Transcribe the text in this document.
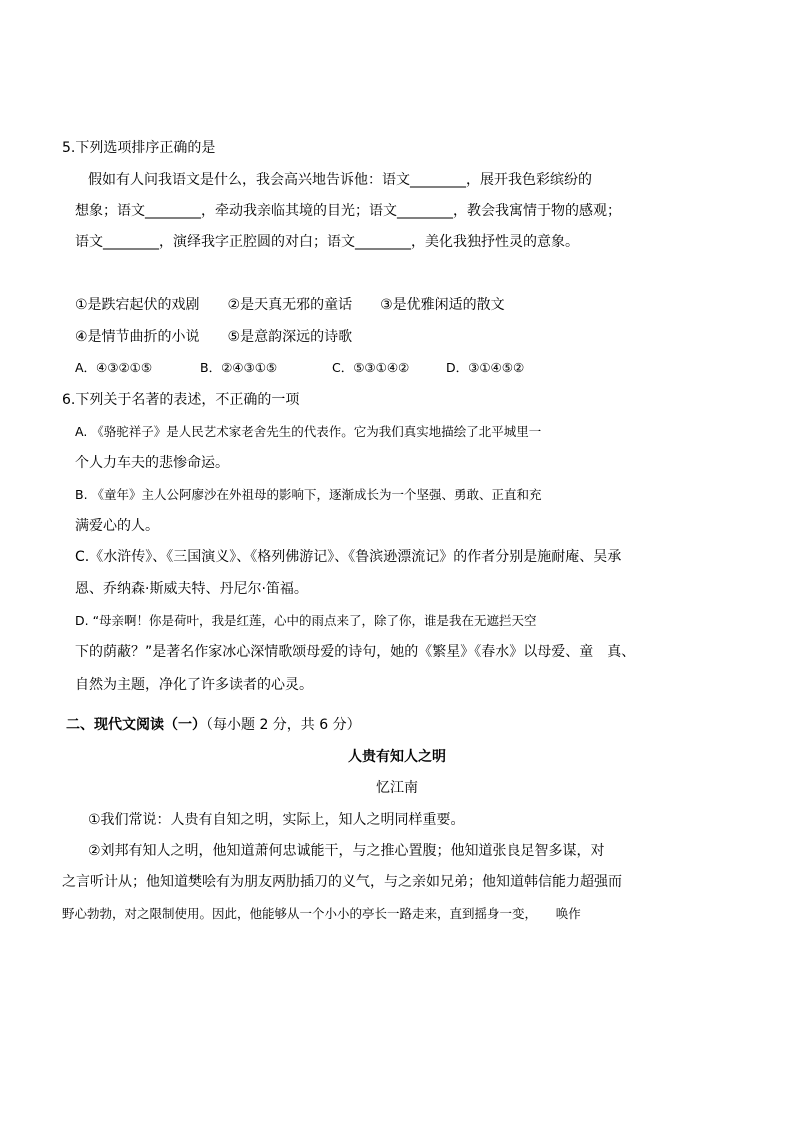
5.下列选项排序正确的是
假如有人问我语文是什么，我会高兴地告诉他：语文________，展开我色彩缤纷的
想象；语文________，牵动我亲临其境的目光；语文________，教会我寓情于物的感观；
语文________，演绎我字正腔圆的对白；语文________，美化我独抒性灵的意象。
①是跌宕起伏的戏剧　　②是天真无邪的童话　　③是优雅闲适的散文
④是情节曲折的小说　　⑤是意韵深远的诗歌
A．④③②①⑤	B．②④③①⑤	C．⑤③①④②	D．③①④⑤②
6.下列关于名著的表述，不正确的一项
A. 《骆驼祥子》是人民艺术家老舍先生的代表作。它为我们真实地描绘了北平城里一
个人力车夫的悲惨命运。
B. 《童年》主人公阿廖沙在外祖母的影响下，逐渐成长为一个坚强、勇敢、正直和充
满爱心的人。
C.《水浒传》、《三国演义》、《格列佛游记》、《鲁滨逊漂流记》的作者分别是施耐庵、吴承
恩、乔纳森·斯威夫特、丹尼尔·笛福。
D. “母亲啊！你是荷叶，我是红莲，心中的雨点来了，除了你，谁是我在无遮拦天空
下的荫蔽？”是著名作家冰心深情歌颂母爱的诗句，她的《繁星》《春水》以母爱、童　真、
自然为主题，净化了许多读者的心灵。
二、现代文阅读（一）（每小题 2 分，共 6 分）
人贵有知人之明
忆江南
①我们常说：人贵有自知之明，实际上，知人之明同样重要。
②刘邦有知人之明，他知道萧何忠诚能干，与之推心置腹；他知道张良足智多谋，对
之言听计从；他知道樊哙有为朋友两肋插刀的义气，与之亲如兄弟；他知道韩信能力超强而
野心勃勃，对之限制使用。因此，他能够从一个小小的亭长一路走来，直到摇身一变，　　唤作
